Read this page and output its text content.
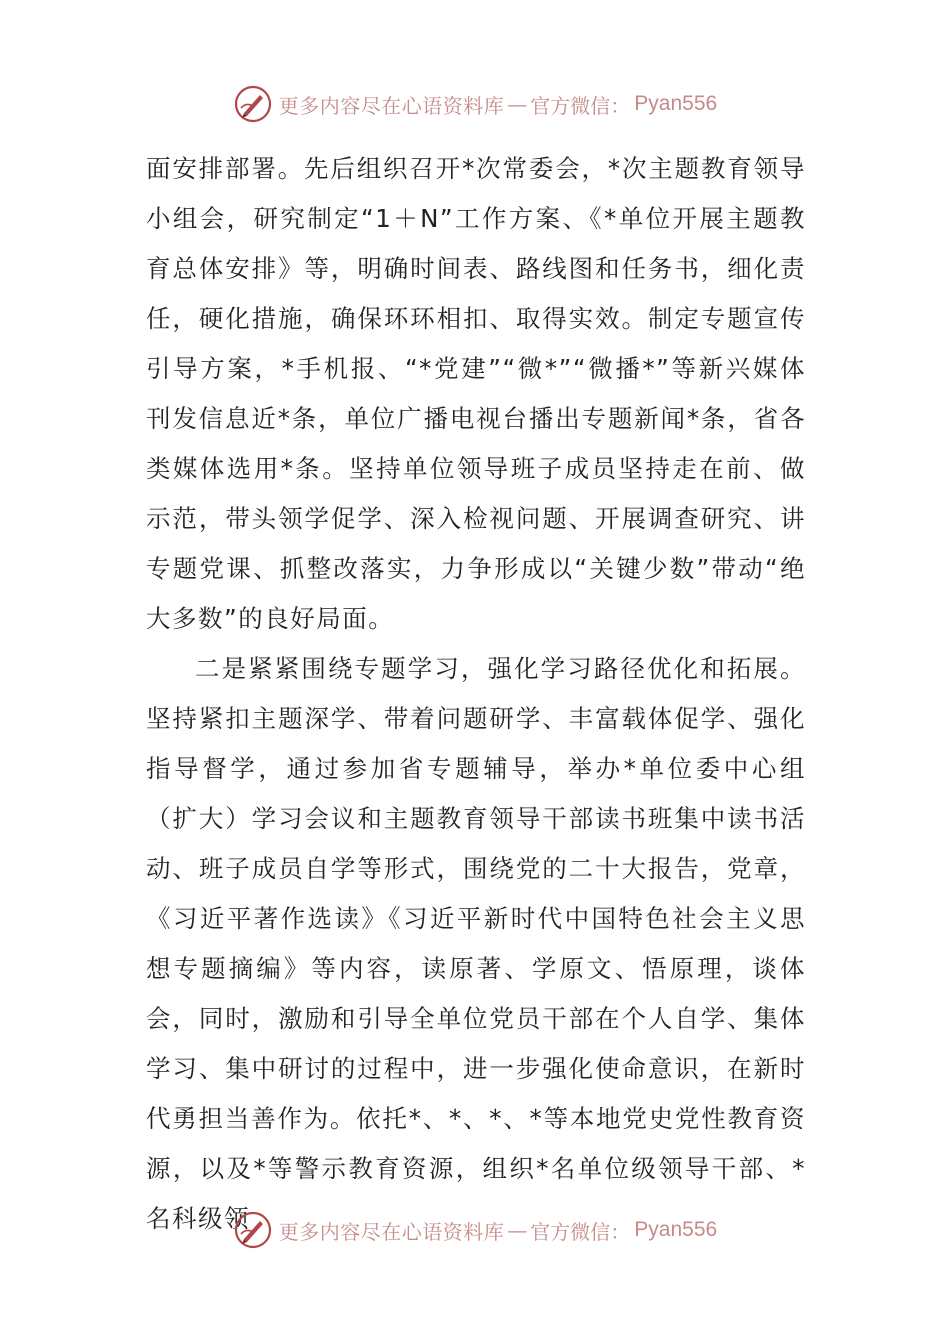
更多内容尽在心语资料库 — 官方微信： Pyan556

面安排部署。先后组织召开*次常委会，*次主题教育领导小组会，研究制定“1＋N”工作方案、《*单位开展主题教育总体安排》等，明确时间表、路线图和任务书，细化责任，硬化措施，确保环环相扣、取得实效。制定专题宣传引导方案，*手机报、“*党建”“微*”“微播*”等新兴媒体刊发信息近*条，单位广播电视台播出专题新闻*条，省各类媒体选用*条。坚持单位领导班子成员坚持走在前、做示范，带头领学促学、深入检视问题、开展调查研究、讲专题党课、抓整改落实，力争形成以“关键少数”带动“绝大多数”的良好局面。

二是紧紧围绕专题学习，强化学习路径优化和拓展。坚持紧扣主题深学、带着问题研学、丰富载体促学、强化指导督学，通过参加省专题辅导，举办*单位委中心组（扩大）学习会议和主题教育领导干部读书班集中读书活动、班子成员自学等形式，围绕党的二十大报告，党章，《习近平著作选读》《习近平新时代中国特色社会主义思想专题摘编》等内容，读原著、学原文、悟原理，谈体会，同时，激励和引导全单位党员干部在个人自学、集体学习、集中研讨的过程中，进一步强化使命意识，在新时代勇担当善作为。依托*、*、*、*等本地党史党性教育资源，以及*等警示教育资源，组织*名单位级领导干部、*名科级领	更多内容尽在心语资料库 — 官方微信： Pyan556
